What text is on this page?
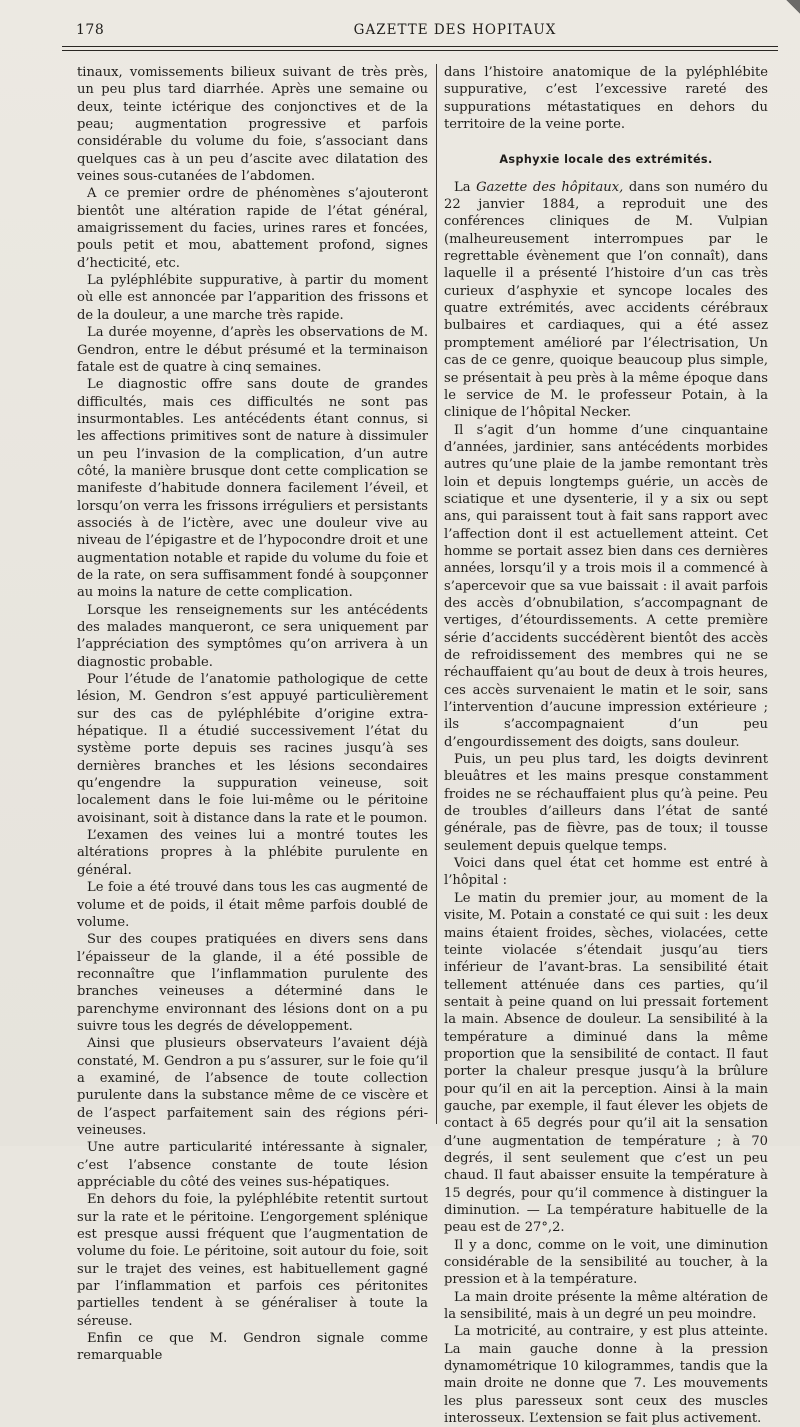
178	GAZETTE DES HOPITAUX

tinaux, vomissements bilieux suivant de très près, un peu plus tard diarrhée. Après une semaine ou deux, teinte ictérique des conjonctives et de la peau; augmentation progressive et parfois considérable du volume du foie, s’associant dans quelques cas à un peu d’ascite avec dilatation des veines sous-cutanées de l’abdomen.

A ce premier ordre de phénomènes s’ajouteront bientôt une altération rapide de l’état général, amaigrissement du facies, urines rares et foncées, pouls petit et mou, abattement profond, signes d’hecticité, etc.

La pyléphlébite suppurative, à partir du moment où elle est annoncée par l’apparition des frissons et de la douleur, a une marche très rapide.

La durée moyenne, d’après les observations de M. Gendron, entre le début présumé et la terminaison fatale est de quatre à cinq semaines.

Le diagnostic offre sans doute de grandes difficultés, mais ces difficultés ne sont pas insurmontables. Les antécédents étant connus, si les affections primitives sont de nature à dissimuler un peu l’invasion de la complication, d’un autre côté, la manière brusque dont cette complication se manifeste d’habitude donnera facilement l’éveil, et lorsqu’on verra les frissons irréguliers et persistants associés à de l’ictère, avec une douleur vive au niveau de l’épigastre et de l’hypocondre droit et une augmentation notable et rapide du volume du foie et de la rate, on sera suffisamment fondé à soupçonner au moins la nature de cette complication.

Lorsque les renseignements sur les antécédents des malades manqueront, ce sera uniquement par l’appréciation des symptômes qu’on arrivera à un diagnostic probable.

Pour l’étude de l’anatomie pathologique de cette lésion, M. Gendron s’est appuyé particulièrement sur des cas de pyléphlébite d’origine extra-hépatique. Il a étudié successivement l’état du système porte depuis ses racines jusqu’à ses dernières branches et les lésions secondaires qu’engendre la suppuration veineuse, soit localement dans le foie lui-même ou le péritoine avoisinant, soit à distance dans la rate et le poumon.

L’examen des veines lui a montré toutes les altérations propres à la phlébite purulente en général.

Le foie a été trouvé dans tous les cas augmenté de volume et de poids, il était même parfois doublé de volume.

Sur des coupes pratiquées en divers sens dans l’épaisseur de la glande, il a été possible de reconnaître que l’inflammation purulente des branches veineuses a déterminé dans le parenchyme environnant des lésions dont on a pu suivre tous les degrés de développement.

Ainsi que plusieurs observateurs l’avaient déjà constaté, M. Gendron a pu s’assurer, sur le foie qu’il a examiné, de l’absence de toute collection purulente dans la substance même de ce viscère et de l’aspect parfaitement sain des régions péri-veineuses.

Une autre particularité intéressante à signaler, c’est l’absence constante de toute lésion appréciable du côté des veines sus-hépatiques.

En dehors du foie, la pyléphlébite retentit surtout sur la rate et le péritoine. L’engorgement splénique est presque aussi fréquent que l’augmentation de volume du foie. Le péritoine, soit autour du foie, soit sur le trajet des veines, est habituellement gagné par l’inflammation et parfois ces péritonites partielles tendent à se généraliser à toute la séreuse.

Enfin ce que M. Gendron signale comme remarquable

dans l’histoire anatomique de la pyléphlébite suppurative, c’est l’excessive rareté des suppurations métastatiques en dehors du territoire de la veine porte.

Asphyxie locale des extrémités.

La Gazette des hôpitaux, dans son numéro du 22 janvier 1884, a reproduit une des conférences cliniques de M. Vulpian (malheureusement interrompues par le regrettable évènement que l’on connaît), dans laquelle il a présenté l’histoire d’un cas très curieux d’asphyxie et syncope locales des quatre extrémités, avec accidents cérébraux bulbaires et cardiaques, qui a été assez promptement amélioré par l’électrisation, Un cas de ce genre, quoique beaucoup plus simple, se présentait à peu près à la même époque dans le service de M. le professeur Potain, à la clinique de l’hôpital Necker.

Il s’agit d’un homme d’une cinquantaine d’années, jardinier, sans antécédents morbides autres qu’une plaie de la jambe remontant très loin et depuis longtemps guérie, un accès de sciatique et une dysenterie, il y a six ou sept ans, qui paraissent tout à fait sans rapport avec l’affection dont il est actuellement atteint. Cet homme se portait assez bien dans ces dernières années, lorsqu’il y a trois mois il a commencé à s’apercevoir que sa vue baissait : il avait parfois des accès d’obnubilation, s’accompagnant de vertiges, d’étourdissements. A cette première série d’accidents succédèrent bientôt des accès de refroidissement des membres qui ne se réchauffaient qu’au bout de deux à trois heures, ces accès survenaient le matin et le soir, sans l’intervention d’aucune impression extérieure ; ils s’accompagnaient d’un peu d’engourdissement des doigts, sans douleur.

Puis, un peu plus tard, les doigts devinrent bleuâtres et les mains presque constamment froides ne se réchauffaient plus qu’à peine. Peu de troubles d’ailleurs dans l’état de santé générale, pas de fièvre, pas de toux; il tousse seulement depuis quelque temps.

Voici dans quel état cet homme est entré à l’hôpital :

Le matin du premier jour, au moment de la visite, M. Potain a constaté ce qui suit : les deux mains étaient froides, sèches, violacées, cette teinte violacée s’étendait jusqu’au tiers inférieur de l’avant-bras. La sensibilité était tellement atténuée dans ces parties, qu’il sentait à peine quand on lui pressait fortement la main. Absence de douleur. La sensibilité à la température a diminué dans la même proportion que la sensibilité de contact. Il faut porter la chaleur presque jusqu’à la brûlure pour qu’il en ait la perception. Ainsi à la main gauche, par exemple, il faut élever les objets de contact à 65 degrés pour qu’il ait la sensation d’une augmentation de température ; à 70 degrés, il sent seulement que c’est un peu chaud. Il faut abaisser ensuite la température à 15 degrés, pour qu’il commence à distinguer la diminution. — La température habituelle de la peau est de 27°,2.

Il y a donc, comme on le voit, une diminution considérable de la sensibilité au toucher, à la pression et à la température.

La main droite présente la même altération de la sensibilité, mais à un degré un peu moindre.

La motricité, au contraire, y est plus atteinte. La main gauche donne à la pression dynamométrique 10 kilogrammes, tandis que la main droite ne donne que 7. Les mouvements les plus paresseux sont ceux des muscles interosseux. L’extension se fait plus activement.
